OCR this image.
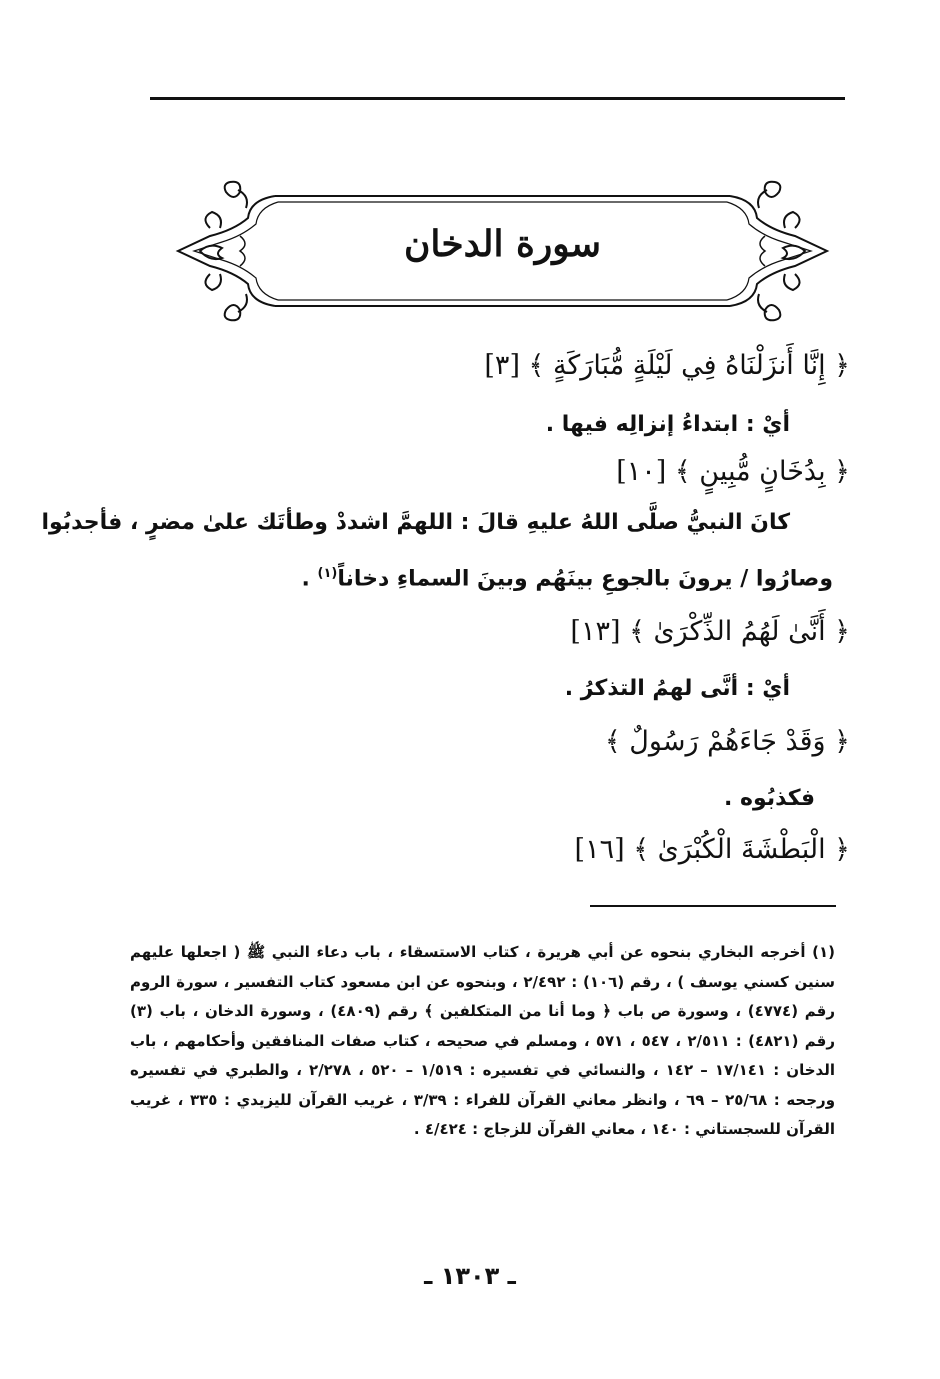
سورة الدخان
﴿ إِنَّا أَنزَلْنَاهُ فِي لَيْلَةٍ مُّبَارَكَةٍ ﴾ [٣]
أيْ : ابتداءُ إنزالِه فيها .
﴿ بِدُخَانٍ مُّبِينٍ ﴾ [١٠]
كانَ النبيُّ صلَّى اللهُ عليهِ قالَ : اللهمَّ اشددْ وطأتَك علىٰ مضرٍ ، فأجدبُوا
وصارُوا / يرونَ بالجوعِ بينَهُم وبينَ السماءِ دخاناً$^{(١)}$ .
﴿ أَنَّىٰ لَهُمُ الذِّكْرَىٰ ﴾ [١٣]
أيْ : أنَّى لهمُ التذكرُ .
﴿ وَقَدْ جَاءَهُمْ رَسُولٌ ﴾
فكذبُوه .
﴿ الْبَطْشَةَ الْكُبْرَىٰ ﴾ [١٦]
(١) أخرجه البخاري بنحوه عن أبي هريرة ، كتاب الاستسقاء ، باب دعاء النبي ﷺ ( اجعلها عليهم سنين كسني يوسف ) ، رقم (١٠٦) : ٢/٤٩٢ ، وبنحوه عن ابن مسعود كتاب التفسير ، سورة الروم رقم (٤٧٧٤) ، وسورة ص باب ﴿ وما أنا من المتكلفين ﴾ رقم (٤٨٠٩) ، وسورة الدخان ، باب (٣) رقم (٤٨٢١) : ٢/٥١١ ، ٥٤٧ ، ٥٧١ ، ومسلم في صحيحه ، كتاب صفات المنافقين وأحكامهم ، باب الدخان : ١٧/١٤١ – ١٤٢ ، والنسائي في تفسيره : ١/٥١٩ – ٥٢٠ ، ٢/٢٧٨ ، والطبري في تفسيره ورجحه : ٢٥/٦٨ – ٦٩ ، وانظر معاني القرآن للفراء : ٣/٣٩ ، غريب القرآن لليزيدي : ٣٣٥ ، غريب القرآن للسجستاني : ١٤٠ ، معاني القرآن للزجاج : ٤/٤٢٤ .
ـ ١٣٠٣ ـ
